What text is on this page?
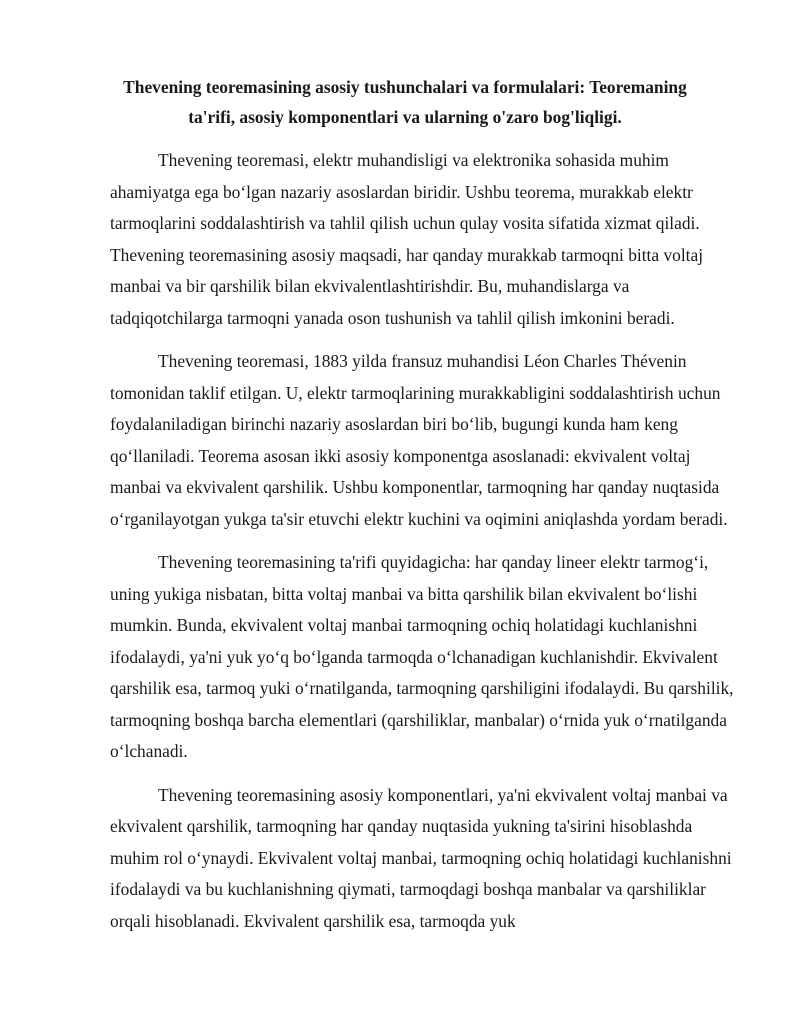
Thevening teoremasining asosiy tushunchalari va formulalari: Teoremaning ta'rifi, asosiy komponentlari va ularning o'zaro bog'liqligi.

Thevening teoremasi, elektr muhandisligi va elektronika sohasida muhim ahamiyatga ega boʻlgan nazariy asoslardan biridir. Ushbu teorema, murakkab elektr tarmoqlarini soddalashtirish va tahlil qilish uchun qulay vosita sifatida xizmat qiladi. Thevening teoremasining asosiy maqsadi, har qanday murakkab tarmoqni bitta voltaj manbai va bir qarshilik bilan ekvivalentlashtirishdir. Bu, muhandislarga va tadqiqotchilarga tarmoqni yanada oson tushunish va tahlil qilish imkonini beradi.

Thevening teoremasi, 1883 yilda fransuz muhandisi Léon Charles Thévenin tomonidan taklif etilgan. U, elektr tarmoqlarining murakkabligini soddalashtirish uchun foydalaniladigan birinchi nazariy asoslardan biri boʻlib, bugungi kunda ham keng qoʻllaniladi. Teorema asosan ikki asosiy komponentga asoslanadi: ekvivalent voltaj manbai va ekvivalent qarshilik. Ushbu komponentlar, tarmoqning har qanday nuqtasida oʻrganilayotgan yukga ta'sir etuvchi elektr kuchini va oqimini aniqlashda yordam beradi.

Thevening teoremasining ta'rifi quyidagicha: har qanday lineer elektr tarmogʻi, uning yukiga nisbatan, bitta voltaj manbai va bitta qarshilik bilan ekvivalent boʻlishi mumkin. Bunda, ekvivalent voltaj manbai tarmoqning ochiq holatidagi kuchlanishni ifodalaydi, ya'ni yuk yoʻq boʻlganda tarmoqda oʻlchanadigan kuchlanishdir. Ekvivalent qarshilik esa, tarmoq yuki oʻrnatilganda, tarmoqning qarshiligini ifodalaydi. Bu qarshilik, tarmoqning boshqa barcha elementlari (qarshiliklar, manbalar) oʻrnida yuk oʻrnatilganda oʻlchanadi.

Thevening teoremasining asosiy komponentlari, ya'ni ekvivalent voltaj manbai va ekvivalent qarshilik, tarmoqning har qanday nuqtasida yukning ta'sirini hisoblashda muhim rol oʻynaydi. Ekvivalent voltaj manbai, tarmoqning ochiq holatidagi kuchlanishni ifodalaydi va bu kuchlanishning qiymati, tarmoqdagi boshqa manbalar va qarshiliklar orqali hisoblanadi. Ekvivalent qarshilik esa, tarmoqda yuk
